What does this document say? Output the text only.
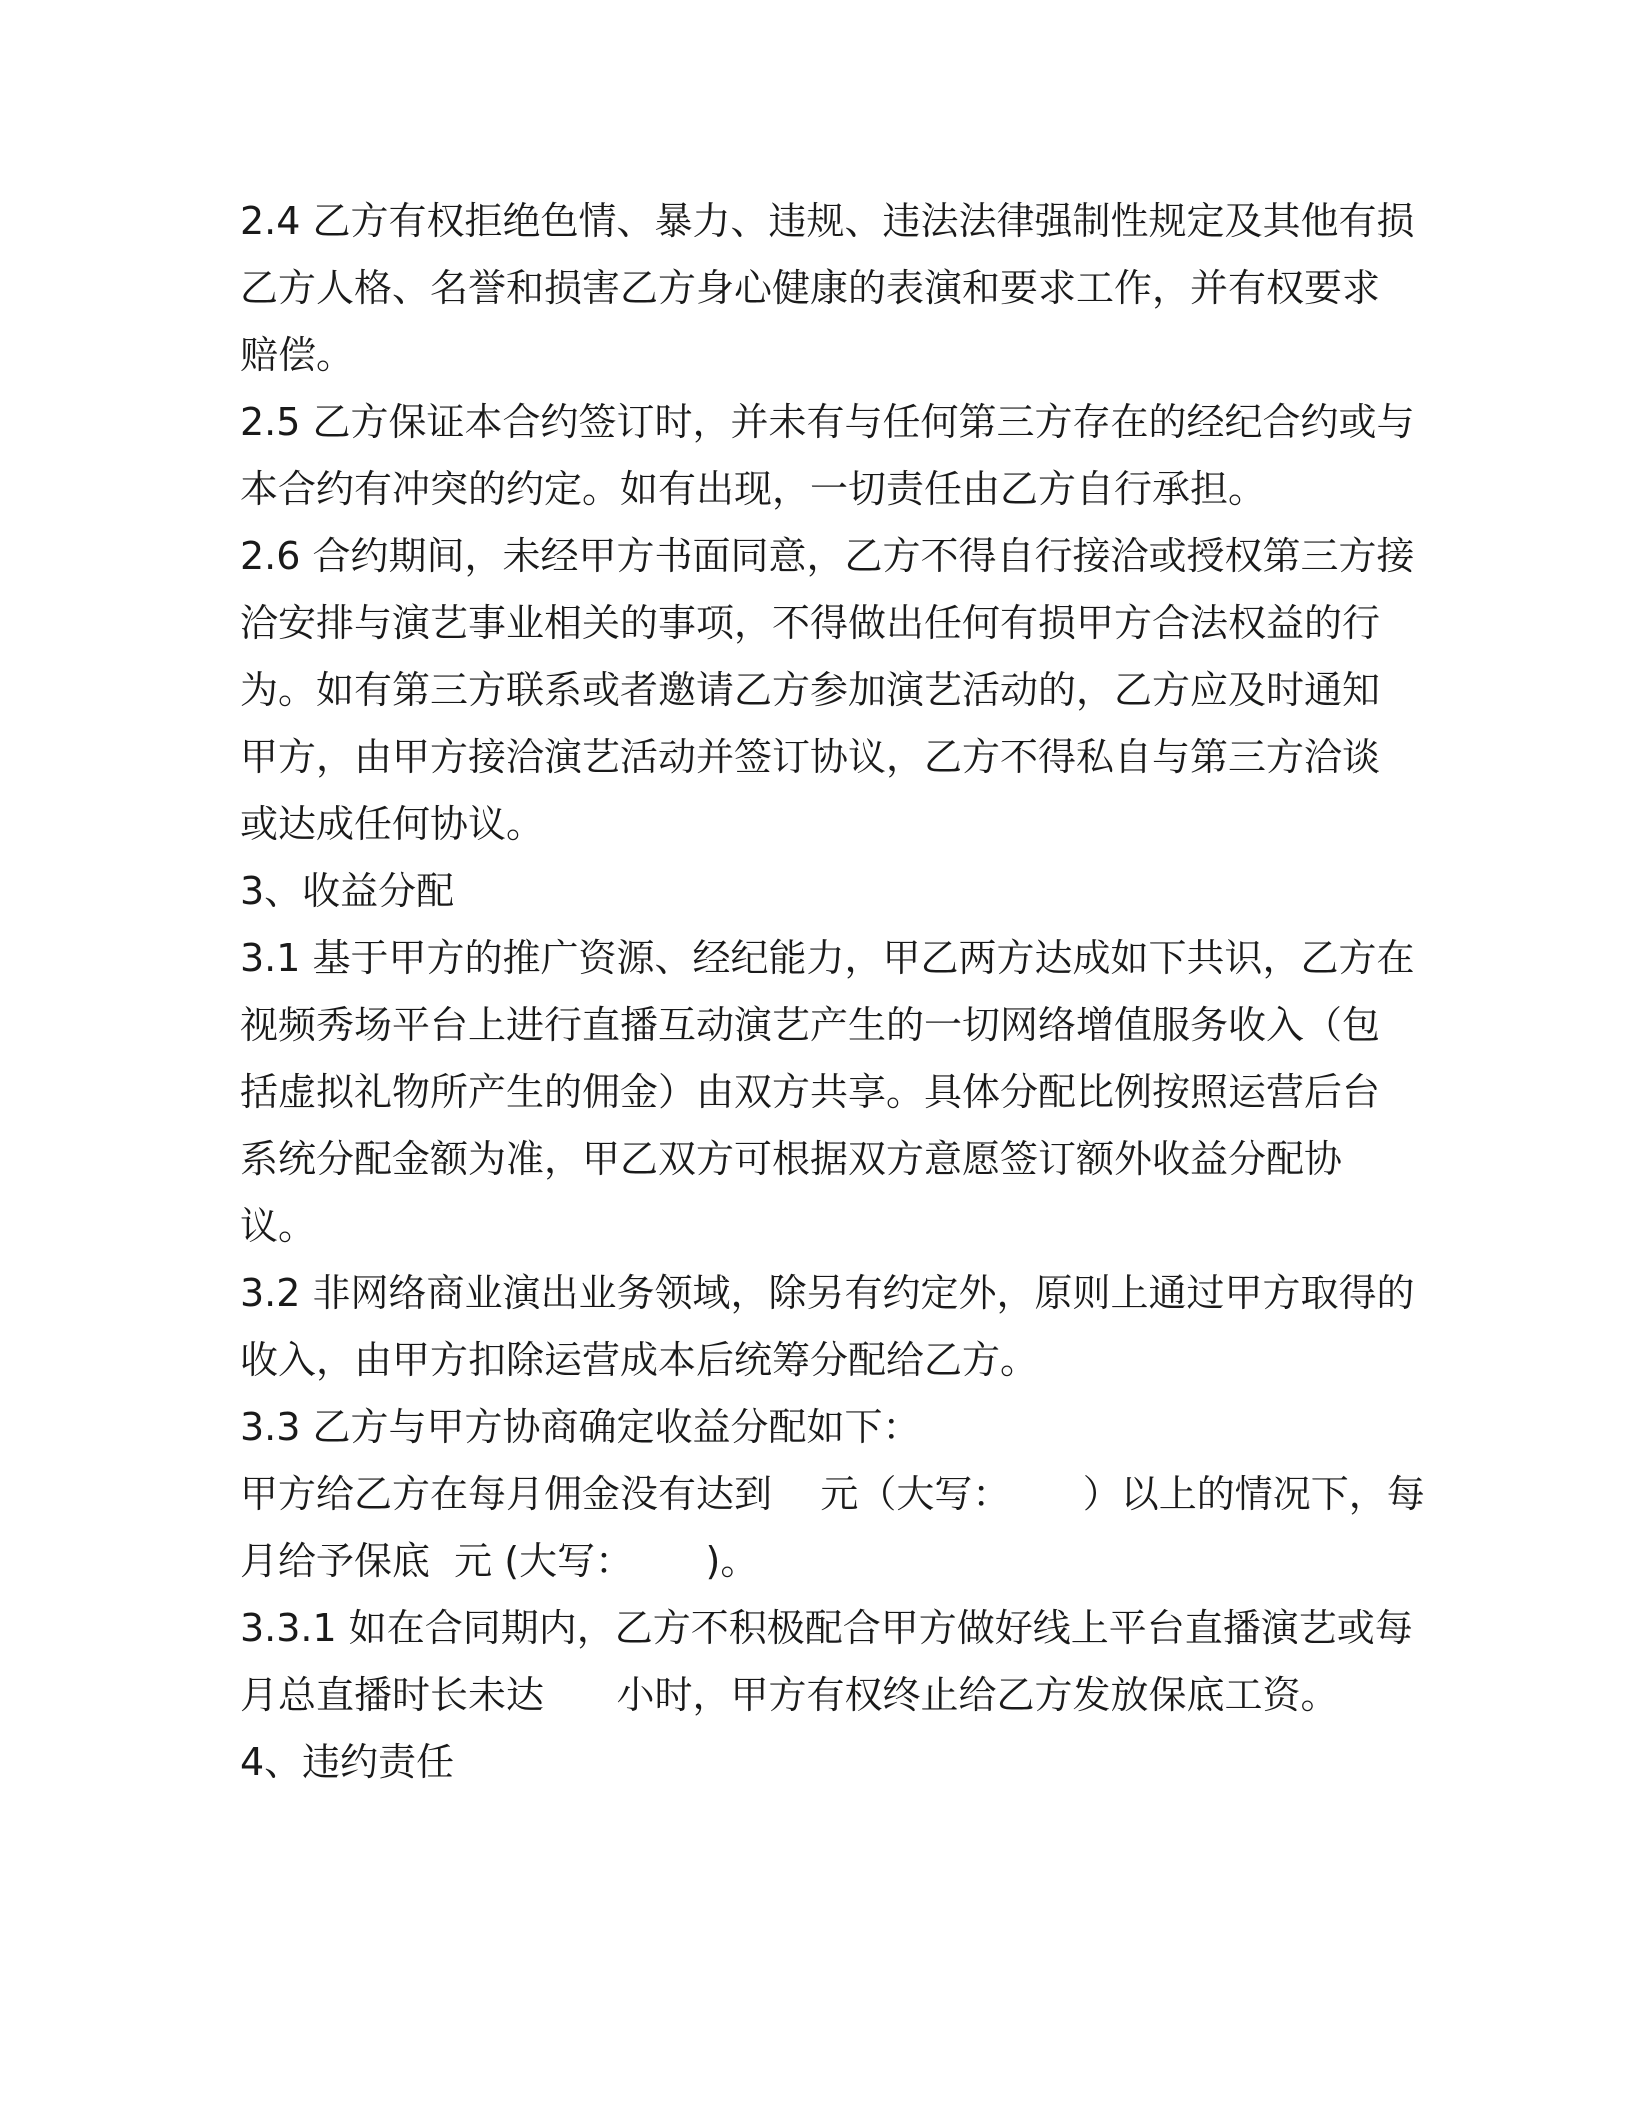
2.4 乙方有权拒绝色情、暴力、违规、违法法律强制性规定及其他有损
乙方人格、名誉和损害乙方身心健康的表演和要求工作，并有权要求
赔偿。
2.5 乙方保证本合约签订时，并未有与任何第三方存在的经纪合约或与
本合约有冲突的约定。如有出现，一切责任由乙方自行承担。
2.6 合约期间，未经甲方书面同意，乙方不得自行接洽或授权第三方接
洽安排与演艺事业相关的事项，不得做出任何有损甲方合法权益的行
为。如有第三方联系或者邀请乙方参加演艺活动的，乙方应及时通知
甲方，由甲方接洽演艺活动并签订协议，乙方不得私自与第三方洽谈
或达成任何协议。
3、收益分配
3.1 基于甲方的推广资源、经纪能力，甲乙两方达成如下共识，乙方在
视频秀场平台上进行直播互动演艺产生的一切网络增值服务收入（包
括虚拟礼物所产生的佣金）由双方共享。具体分配比例按照运营后台
系统分配金额为准，甲乙双方可根据双方意愿签订额外收益分配协
议。
3.2 非网络商业演出业务领域，除另有约定外，原则上通过甲方取得的
收入，由甲方扣除运营成本后统筹分配给乙方。
3.3 乙方与甲方协商确定收益分配如下：
甲方给乙方在每月佣金没有达到    元（大写：      ）以上的情况下，每
月给予保底  元 (大写：      )。
3.3.1 如在合同期内，乙方不积极配合甲方做好线上平台直播演艺或每
月总直播时长未达      小时，甲方有权终止给乙方发放保底工资。
4、违约责任
